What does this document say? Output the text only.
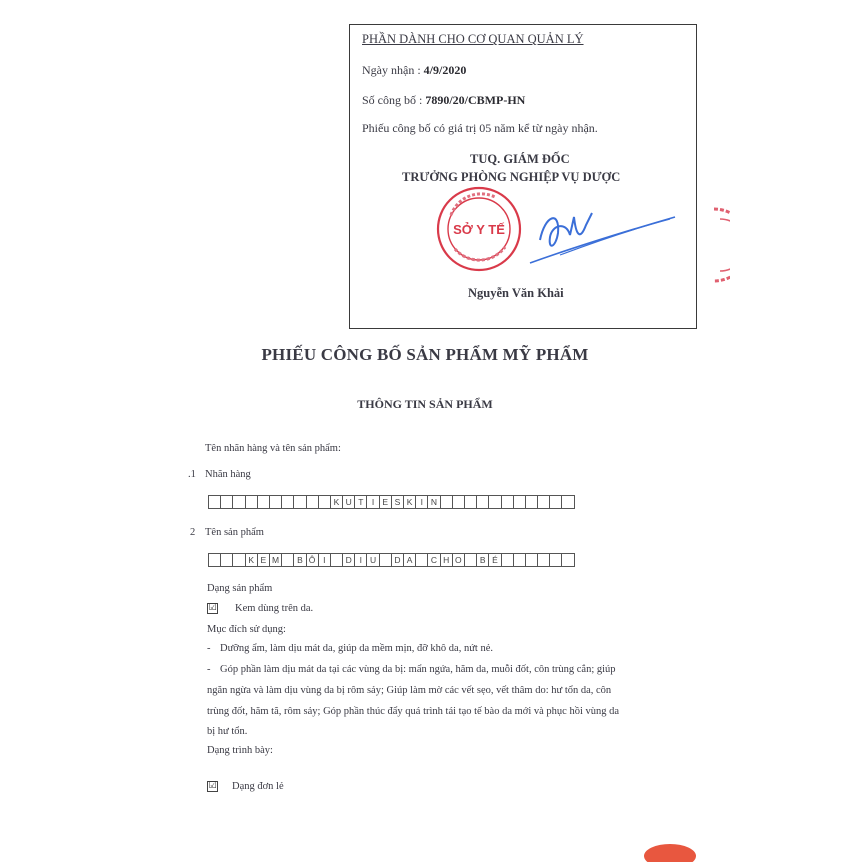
PHẦN DÀNH CHO CƠ QUAN QUẢN LÝ
Ngày nhận : 4/9/2020
Số công bố : 7890/20/CBMP-HN
Phiếu công bố có giá trị 05 năm kể từ ngày nhận.
TUQ. GIÁM ĐỐC
TRƯỞNG PHÒNG NGHIỆP VỤ DƯỢC
SỞ Y TẾ
Nguyễn Văn Khải
PHIẾU CÔNG BỐ SẢN PHẨM MỸ PHẨM
THÔNG TIN SẢN PHẨM
Tên nhãn hàng và tên sản phẩm:
.1 Nhãn hàng
K U T I E S K I N
2 Tên sản phẩm
K E M	B Ô I	D I U	D A	C H O	B É
Dạng sản phẩm
☑ Kem dùng trên da.
Mục đích sử dụng:
- Dưỡng ẩm, làm dịu mát da, giúp da mềm mịn, đỡ khô da, nứt nẻ.
- Góp phần làm dịu mát da tại các vùng da bị: mẩn ngứa, hăm da, muỗi đốt, côn trùng cắn; giúp
ngăn ngừa và làm dịu vùng da bị rôm sảy; Giúp làm mờ các vết sẹo, vết thâm do: hư tổn da, côn
trùng đốt, hăm tã, rôm sảy; Góp phần thúc đẩy quá trình tái tạo tế bào da mới và phục hồi vùng da
bị hư tổn.
Dạng trình bày:
☑ Dạng đơn lẻ
